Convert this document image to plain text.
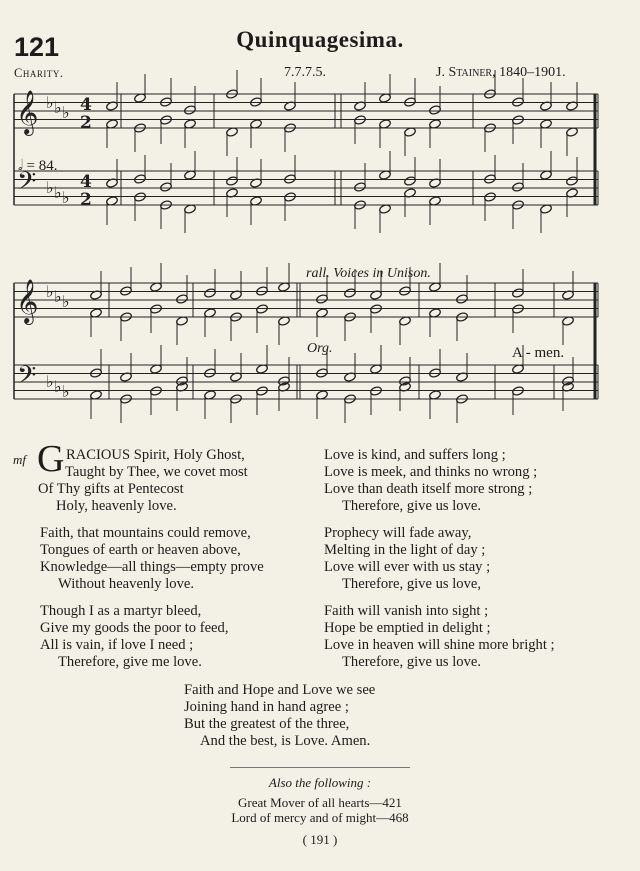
121	Quinquagesima.
Charity.	7.7.7.5.	J. Stainer, 1840–1901.
𝄞
𝄢
♭
♭
♭
♭
♭
♭
𝄞
𝄢
♭
♭
♭
♭
♭
♭
4
2
4
2
𝅗𝅥 = 84.
rall. Voices in Unison.
Org.	A - men.
mf G RACIOUS Spirit, Holy Ghost,
Taught by Thee, we covet most
Of Thy gifts at Pentecost
Holy, heavenly love.
Faith, that mountains could remove,
Tongues of earth or heaven above,
Knowledge—all things—empty prove
Without heavenly love.
Though I as a martyr bleed,
Give my goods the poor to feed,
All is vain, if love I need ;
Therefore, give me love.
Love is kind, and suffers long ;
Love is meek, and thinks no wrong ;
Love than death itself more strong ;
Therefore, give us love.
Prophecy will fade away,
Melting in the light of day ;
Love will ever with us stay ;
Therefore, give us love,
Faith will vanish into sight ;
Hope be emptied in delight ;
Love in heaven will shine more bright ;
Therefore, give us love.
Faith and Hope and Love we see
Joining hand in hand agree ;
But the greatest of the three,
And the best, is Love. Amen.
Also the following :
Great Mover of all hearts—421
Lord of mercy and of might—468
( 191 )
